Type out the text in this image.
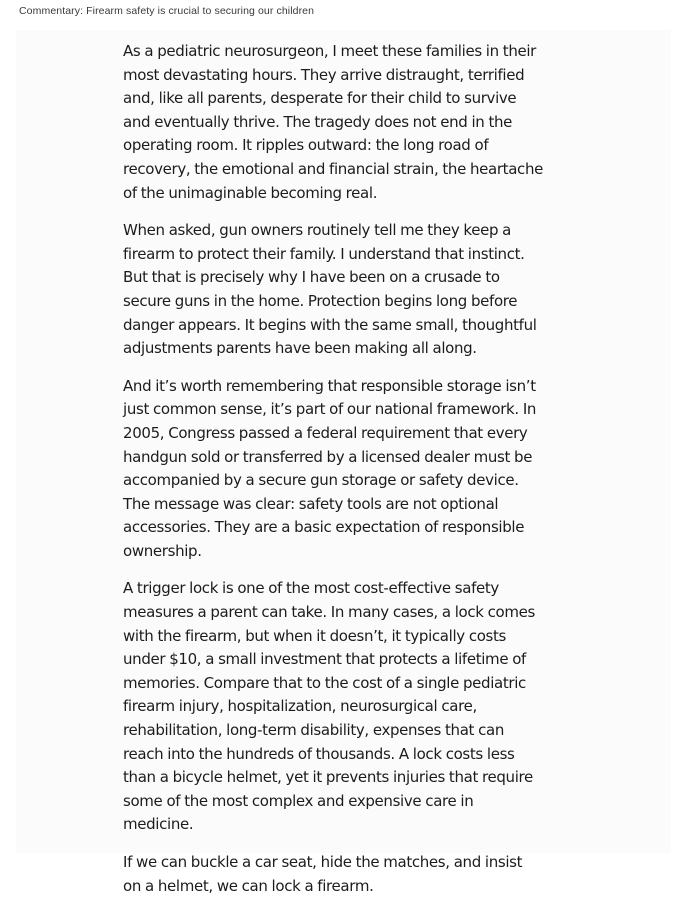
Commentary: Firearm safety is crucial to securing our children

As a pediatric neurosurgeon, I meet these families in their most devastating hours. They arrive distraught, terrified and, like all parents, desperate for their child to survive and eventually thrive. The tragedy does not end in the operating room. It ripples outward: the long road of recovery, the emotional and financial strain, the heartache of the unimaginable becoming real.

When asked, gun owners routinely tell me they keep a firearm to protect their family. I understand that instinct. But that is precisely why I have been on a crusade to secure guns in the home. Protection begins long before danger appears. It begins with the same small, thoughtful adjustments parents have been making all along.

And it’s worth remembering that responsible storage isn’t just common sense, it’s part of our national framework. In 2005, Congress passed a federal requirement that every handgun sold or transferred by a licensed dealer must be accompanied by a secure gun storage or safety device. The message was clear: safety tools are not optional accessories. They are a basic expectation of responsible ownership.

A trigger lock is one of the most cost-effective safety measures a parent can take. In many cases, a lock comes with the firearm, but when it doesn’t, it typically costs under $10, a small investment that protects a lifetime of memories. Compare that to the cost of a single pediatric firearm injury, hospitalization, neurosurgical care, rehabilitation, long-term disability, expenses that can reach into the hundreds of thousands. A lock costs less than a bicycle helmet, yet it prevents injuries that require some of the most complex and expensive care in medicine.

If we can buckle a car seat, hide the matches, and insist on a helmet, we can lock a firearm.
